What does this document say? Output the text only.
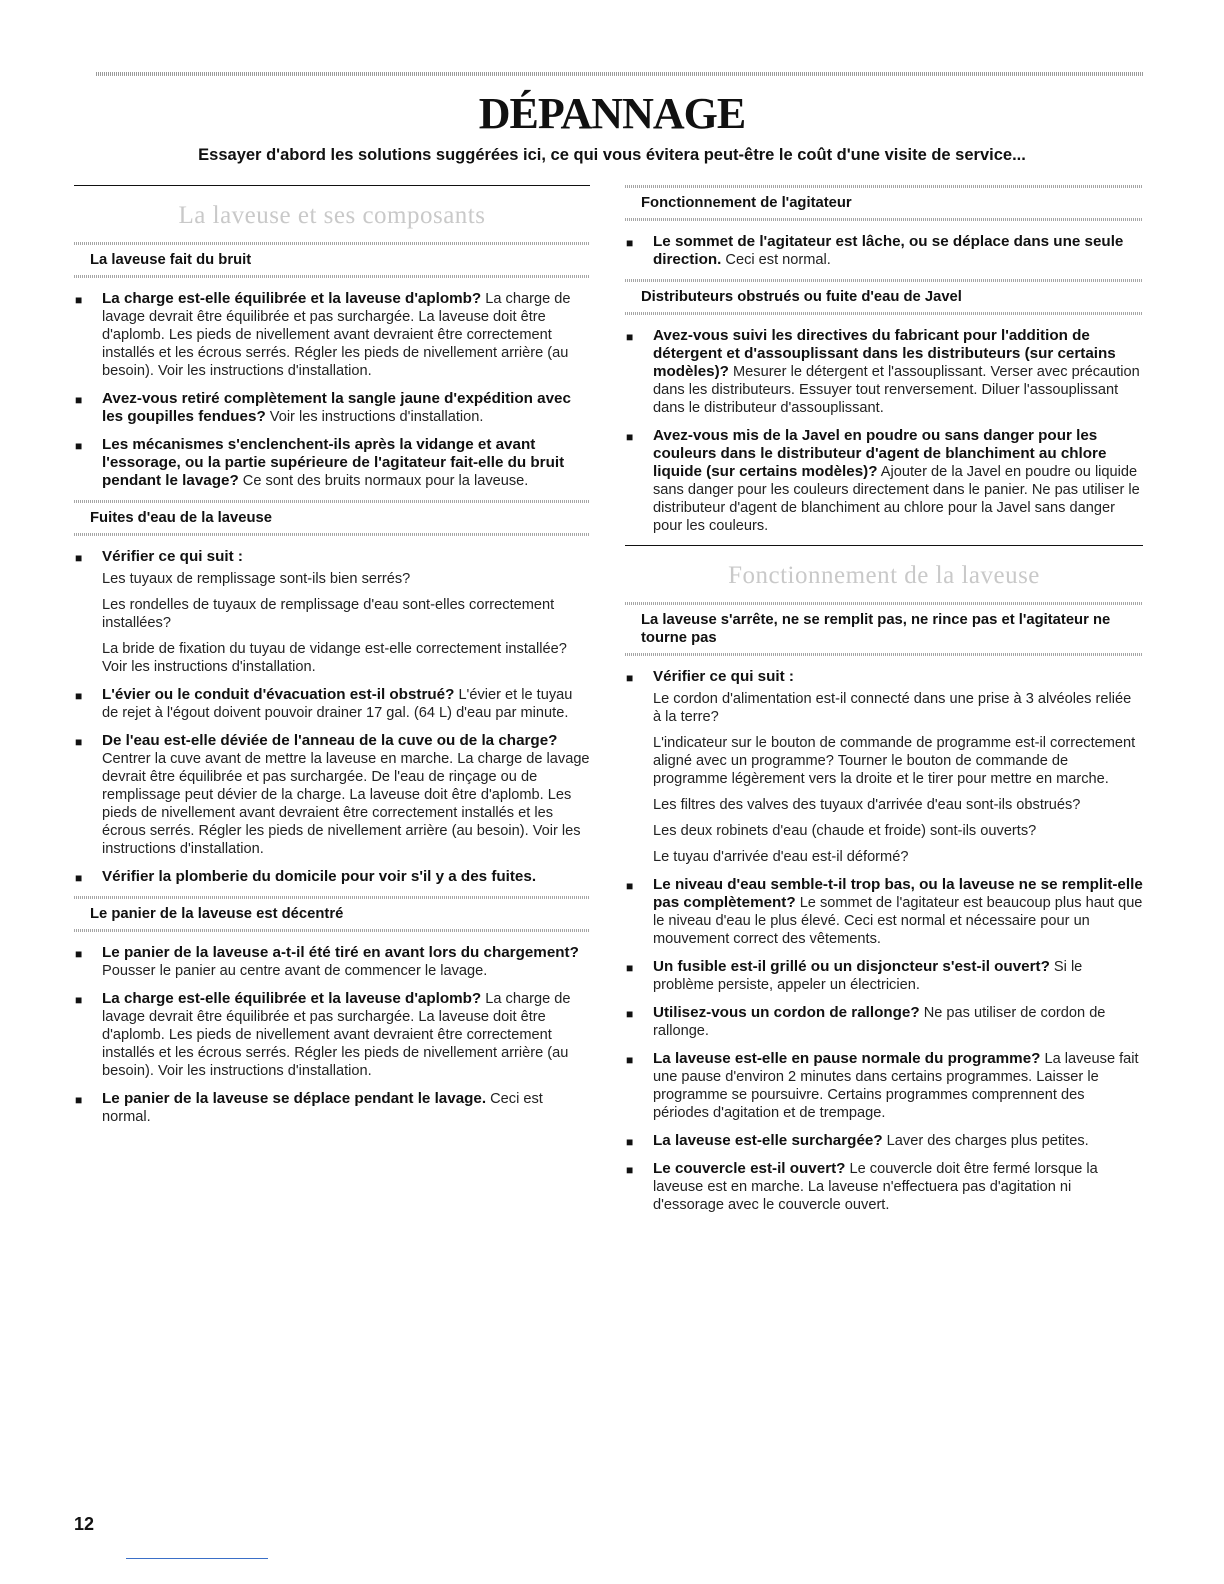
DÉPANNAGE

Essayer d'abord les solutions suggérées ici, ce qui vous évitera peut-être le coût d'une visite de service...

La laveuse et ses composants
La laveuse fait du bruit
■ La charge est-elle équilibrée et la laveuse d'aplomb? La charge de lavage devrait être équilibrée et pas surchargée. La laveuse doit être d'aplomb. Les pieds de nivellement avant devraient être correctement installés et les écrous serrés. Régler les pieds de nivellement arrière (au besoin). Voir les instructions d'installation.
■ Avez-vous retiré complètement la sangle jaune d'expédition avec les goupilles fendues? Voir les instructions d'installation.
■ Les mécanismes s'enclenchent-ils après la vidange et avant l'essorage, ou la partie supérieure de l'agitateur fait-elle du bruit pendant le lavage? Ce sont des bruits normaux pour la laveuse.
Fuites d'eau de la laveuse
■ Vérifier ce qui suit :

Les tuyaux de remplissage sont-ils bien serrés?

Les rondelles de tuyaux de remplissage d'eau sont-elles correctement installées?

La bride de fixation du tuyau de vidange est-elle correctement installée? Voir les instructions d'installation.

■ L'évier ou le conduit d'évacuation est-il obstrué? L'évier et le tuyau de rejet à l'égout doivent pouvoir drainer 17 gal. (64 L) d'eau par minute.
■ De l'eau est-elle déviée de l'anneau de la cuve ou de la charge? Centrer la cuve avant de mettre la laveuse en marche. La charge de lavage devrait être équilibrée et pas surchargée. De l'eau de rinçage ou de remplissage peut dévier de la charge. La laveuse doit être d'aplomb. Les pieds de nivellement avant devraient être correctement installés et les écrous serrés. Régler les pieds de nivellement arrière (au besoin). Voir les instructions d'installation.
■ Vérifier la plomberie du domicile pour voir s'il y a des fuites.
Le panier de la laveuse est décentré
■ Le panier de la laveuse a-t-il été tiré en avant lors du chargement? Pousser le panier au centre avant de commencer le lavage.
■ La charge est-elle équilibrée et la laveuse d'aplomb? La charge de lavage devrait être équilibrée et pas surchargée. La laveuse doit être d'aplomb. Les pieds de nivellement avant devraient être correctement installés et les écrous serrés. Régler les pieds de nivellement arrière (au besoin). Voir les instructions d'installation.
■ Le panier de la laveuse se déplace pendant le lavage. Ceci est normal.
Fonctionnement de l'agitateur
■ Le sommet de l'agitateur est lâche, ou se déplace dans une seule direction. Ceci est normal.
Distributeurs obstrués ou fuite d'eau de Javel
■ Avez-vous suivi les directives du fabricant pour l'addition de détergent et d'assouplissant dans les distributeurs (sur certains modèles)? Mesurer le détergent et l'assouplissant. Verser avec précaution dans les distributeurs. Essuyer tout renversement. Diluer l'assouplissant dans le distributeur d'assouplissant.
■ Avez-vous mis de la Javel en poudre ou sans danger pour les couleurs dans le distributeur d'agent de blanchiment au chlore liquide (sur certains modèles)? Ajouter de la Javel en poudre ou liquide sans danger pour les couleurs directement dans le panier. Ne pas utiliser le distributeur d'agent de blanchiment au chlore pour la Javel sans danger pour les couleurs.
Fonctionnement de la laveuse
La laveuse s'arrête, ne se remplit pas, ne rince pas et l'agitateur ne tourne pas
■ Vérifier ce qui suit :

Le cordon d'alimentation est-il connecté dans une prise à 3 alvéoles reliée à la terre?

L'indicateur sur le bouton de commande de programme est-il correctement aligné avec un programme? Tourner le bouton de commande de programme légèrement vers la droite et le tirer pour mettre en marche.

Les filtres des valves des tuyaux d'arrivée d'eau sont-ils obstrués?

Les deux robinets d'eau (chaude et froide) sont-ils ouverts?

Le tuyau d'arrivée d'eau est-il déformé?

■ Le niveau d'eau semble-t-il trop bas, ou la laveuse ne se remplit-elle pas complètement? Le sommet de l'agitateur est beaucoup plus haut que le niveau d'eau le plus élevé. Ceci est normal et nécessaire pour un mouvement correct des vêtements.
■ Un fusible est-il grillé ou un disjoncteur s'est-il ouvert? Si le problème persiste, appeler un électricien.
■ Utilisez-vous un cordon de rallonge? Ne pas utiliser de cordon de rallonge.
■ La laveuse est-elle en pause normale du programme? La laveuse fait une pause d'environ 2 minutes dans certains programmes. Laisser le programme se poursuivre. Certains programmes comprennent des périodes d'agitation et de trempage.
■ La laveuse est-elle surchargée? Laver des charges plus petites.
■ Le couvercle est-il ouvert? Le couvercle doit être fermé lorsque la laveuse est en marche. La laveuse n'effectuera pas d'agitation ni d'essorage avec le couvercle ouvert.

12
